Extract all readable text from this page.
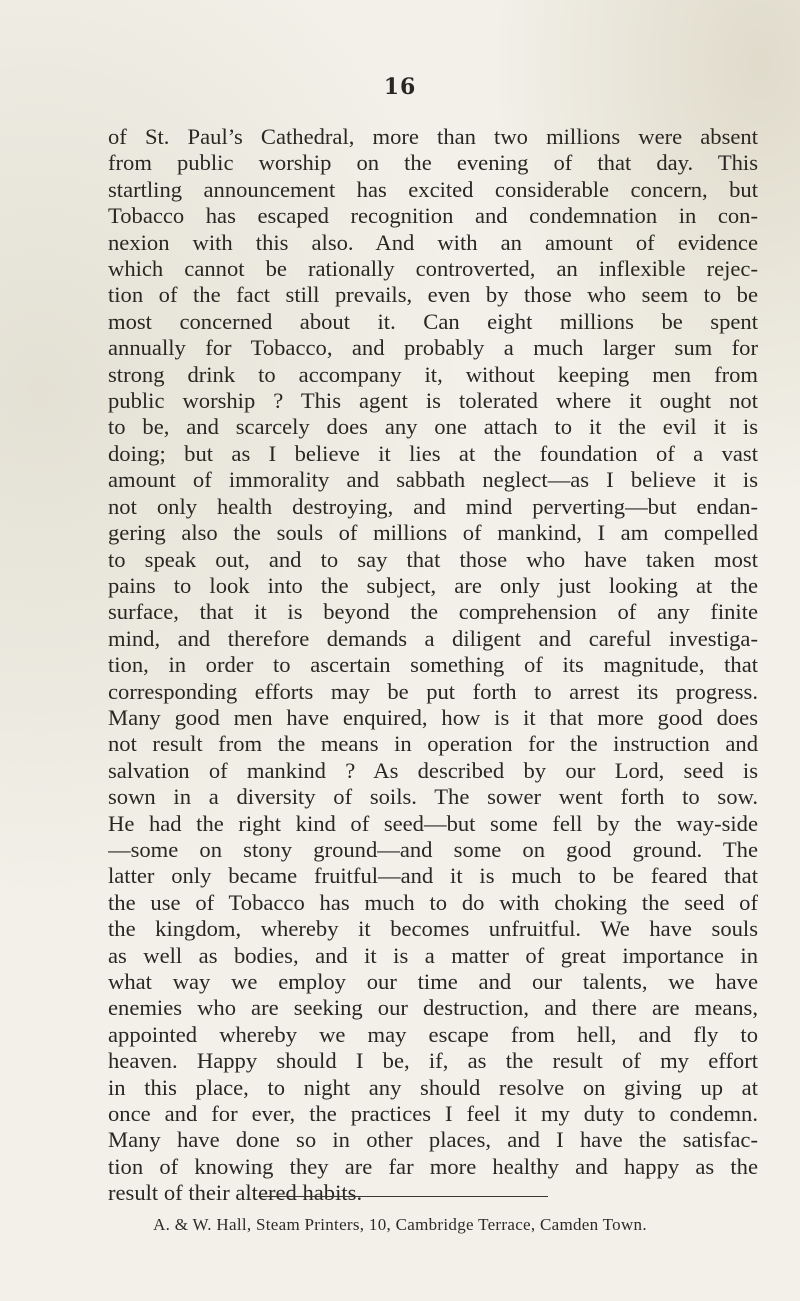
16
of St. Paul’s Cathedral, more than two millions were absent
from public worship on the evening of that day. This
startling announcement has excited considerable concern, but
Tobacco has escaped recognition and condemnation in con-
nexion with this also. And with an amount of evidence
which cannot be rationally controverted, an inflexible rejec-
tion of the fact still prevails, even by those who seem to be
most concerned about it. Can eight millions be spent
annually for Tobacco, and probably a much larger sum for
strong drink to accompany it, without keeping men from
public worship ? This agent is tolerated where it ought not
to be, and scarcely does any one attach to it the evil it is
doing; but as I believe it lies at the foundation of a vast
amount of immorality and sabbath neglect—as I believe it is
not only health destroying, and mind perverting—but endan-
gering also the souls of millions of mankind, I am compelled
to speak out, and to say that those who have taken most
pains to look into the subject, are only just looking at the
surface, that it is beyond the comprehension of any finite
mind, and therefore demands a diligent and careful investiga-
tion, in order to ascertain something of its magnitude, that
corresponding efforts may be put forth to arrest its progress.
Many good men have enquired, how is it that more good does
not result from the means in operation for the instruction and
salvation of mankind ? As described by our Lord, seed is
sown in a diversity of soils. The sower went forth to sow.
He had the right kind of seed—but some fell by the way-side
—some on stony ground—and some on good ground. The
latter only became fruitful—and it is much to be feared that
the use of Tobacco has much to do with choking the seed of
the kingdom, whereby it becomes unfruitful. We have souls
as well as bodies, and it is a matter of great importance in
what way we employ our time and our talents, we have
enemies who are seeking our destruction, and there are means,
appointed whereby we may escape from hell, and fly to
heaven. Happy should I be, if, as the result of my effort
in this place, to night any should resolve on giving up at
once and for ever, the practices I feel it my duty to condemn.
Many have done so in other places, and I have the satisfac-
tion of knowing they are far more healthy and happy as the
result of their altered habits.
A. & W. Hall, Steam Printers, 10, Cambridge Terrace, Camden Town.
